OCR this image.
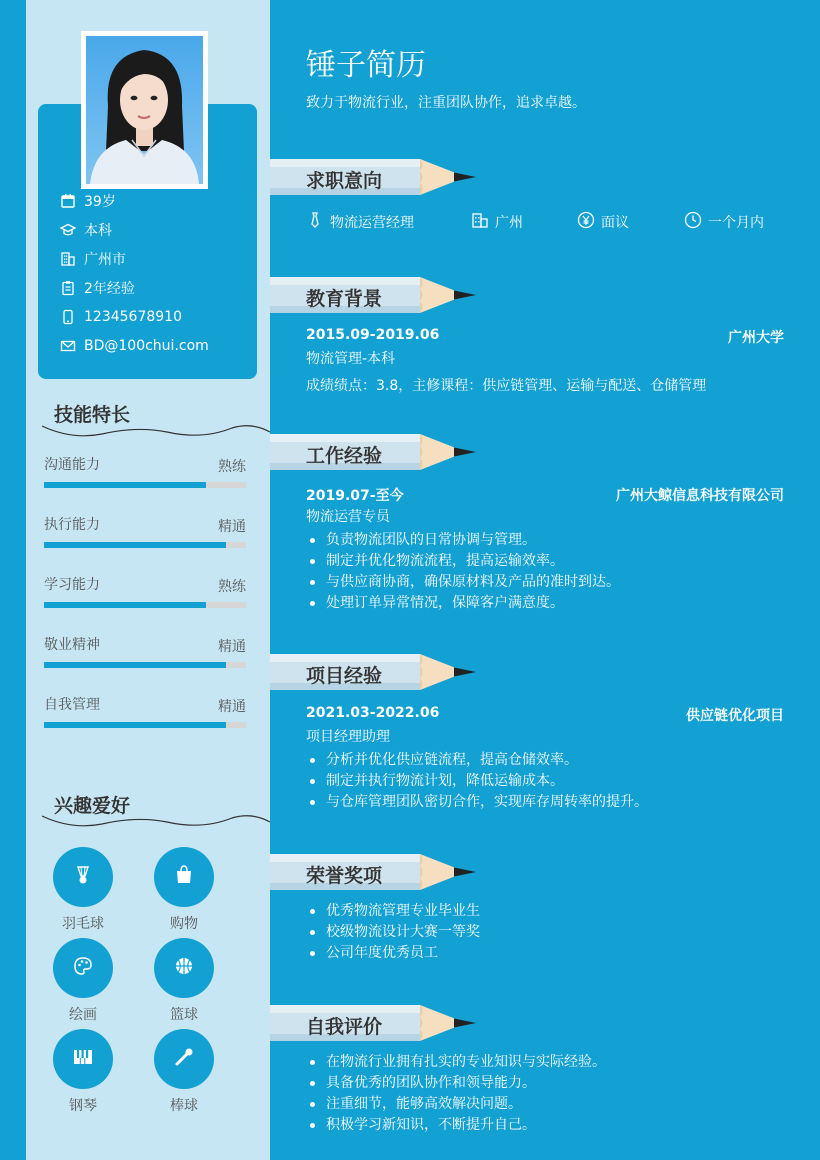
39岁
本科
广州市
2年经验
12345678910
BD@100chui.com
技能特长
沟通能力	熟练
执行能力	精通
学习能力	熟练
敬业精神	精通
自我管理	精通
兴趣爱好
羽毛球	购物
绘画	篮球
钢琴	棒球
锤子简历
致力于物流行业，注重团队协作，追求卓越。
求职意向
物流运营经理	广州	面议	一个月内
教育背景
2015.09-2019.06	广州大学
物流管理-本科
成绩绩点：3.8，主修课程：供应链管理、运输与配送、仓储管理
工作经验
2019.07-至今	广州大鲸信息科技有限公司
物流运营专员
负责物流团队的日常协调与管理。
制定并优化物流流程，提高运输效率。
与供应商协商，确保原材料及产品的准时到达。
处理订单异常情况，保障客户满意度。
项目经验
2021.03-2022.06	供应链优化项目
项目经理助理
分析并优化供应链流程，提高仓储效率。
制定并执行物流计划，降低运输成本。
与仓库管理团队密切合作，实现库存周转率的提升。
荣誉奖项
优秀物流管理专业毕业生
校级物流设计大赛一等奖
公司年度优秀员工
自我评价
在物流行业拥有扎实的专业知识与实际经验。
具备优秀的团队协作和领导能力。
注重细节，能够高效解决问题。
积极学习新知识，不断提升自己。
